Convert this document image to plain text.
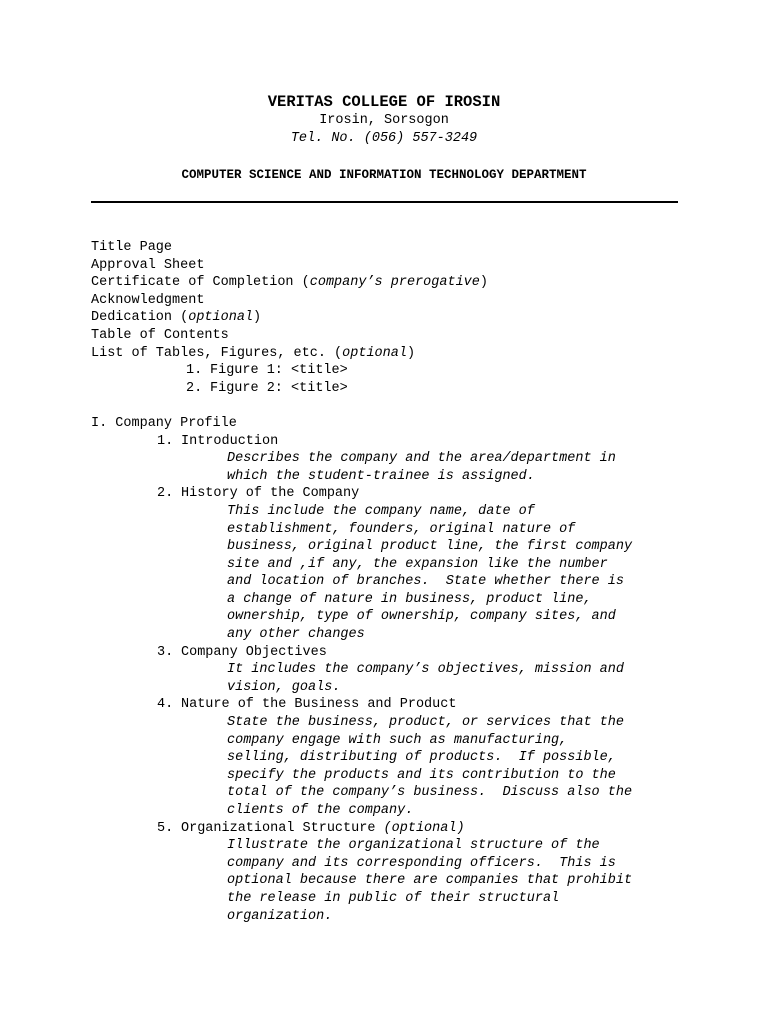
VERITAS COLLEGE OF IROSIN
Irosin, Sorsogon
Tel. No. (056) 557-3249
COMPUTER SCIENCE AND INFORMATION TECHNOLOGY DEPARTMENT
Title Page
Approval Sheet
Certificate of Completion (company’s prerogative)
Acknowledgment
Dedication (optional)
Table of Contents
List of Tables, Figures, etc. (optional)
1. Figure 1: <title>
2. Figure 2: <title>
I. Company Profile
1. Introduction
Describes the company and the area/department in
which the student-trainee is assigned.
2. History of the Company
This include the company name, date of
establishment, founders, original nature of
business, original product line, the first company
site and ,if any, the expansion like the number
and location of branches.  State whether there is
a change of nature in business, product line,
ownership, type of ownership, company sites, and
any other changes
3. Company Objectives
It includes the company’s objectives, mission and
vision, goals.
4. Nature of the Business and Product
State the business, product, or services that the
company engage with such as manufacturing,
selling, distributing of products.  If possible,
specify the products and its contribution to the
total of the company’s business.  Discuss also the
clients of the company.
5. Organizational Structure (optional)
Illustrate the organizational structure of the
company and its corresponding officers.  This is
optional because there are companies that prohibit
the release in public of their structural
organization.
